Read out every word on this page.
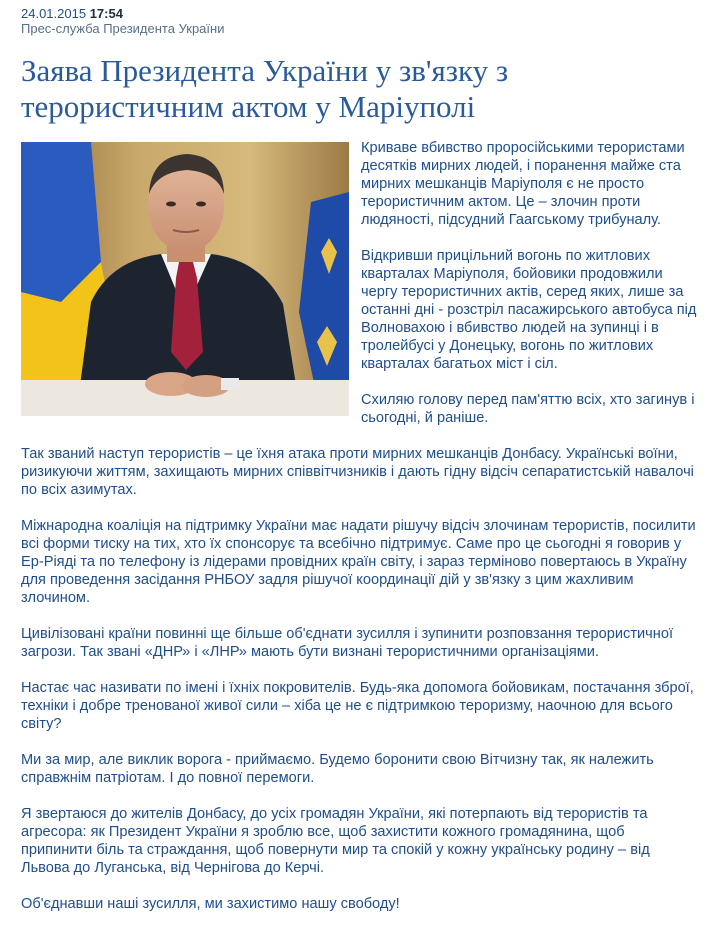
24.01.2015 17:54
Прес-служба Президента України
Заява Президента України у зв'язку з терористичним актом у Маріуполі

Криваве вбивство проросійськими терористами десятків мирних людей, і поранення майже ста мирних мешканців Маріуполя є не просто терористичним актом. Це – злочин проти людяності, підсудний Гаагському трибуналу.

Відкривши прицільний вогонь по житлових кварталах Маріуполя, бойовики продовжили чергу терористичних актів, серед яких, лише за останні дні - розстріл пасажирського автобуса під Волновахою і вбивство людей на зупинці і в тролейбусі у Донецьку, вогонь по житлових кварталах багатьох міст і сіл.

Схиляю голову перед пам'яттю всіх, хто загинув і сьогодні, й раніше.

Так званий наступ терористів – це їхня атака проти мирних мешканців Донбасу. Українські воїни, ризикуючи життям, захищають мирних співвітчизників і дають гідну відсіч сепаратистській навалочі по всіх азимутах.

Міжнародна коаліція на підтримку України має надати рішучу відсіч злочинам терористів, посилити всі форми тиску на тих, хто їх спонсорує та всебічно підтримує. Саме про це сьогодні я говорив у Ер-Ріяді та по телефону із лідерами провідних країн світу, і зараз терміново повертаюсь в Україну для проведення засідання РНБОУ задля рішучої координації дій у зв'язку з цим жахливим злочином.

Цивілізовані країни повинні ще більше об'єднати зусилля і зупинити розповзання терористичної загрози. Так звані «ДНР» і «ЛНР» мають бути визнані терористичними організаціями.

Настає час називати по імені і їхніх покровителів. Будь-яка допомога бойовикам, постачання зброї, техніки і добре тренованої живої сили – хіба це не є підтримкою тероризму, наочною для всього світу?

Ми за мир, але виклик ворога - приймаємо. Будемо боронити свою Вітчизну так, як належить справжнім патріотам. І до повної перемоги.

Я звертаюся до жителів Донбасу, до усіх громадян України, які потерпають від терористів та агресора: як Президент України я зроблю все, щоб захистити кожного громадянина, щоб припинити біль та страждання, щоб повернути мир та спокій у кожну українську родину – від Львова до Луганська, від Чернігова до Керчі.

Об'єднавши наші зусилля, ми захистимо нашу свободу!
